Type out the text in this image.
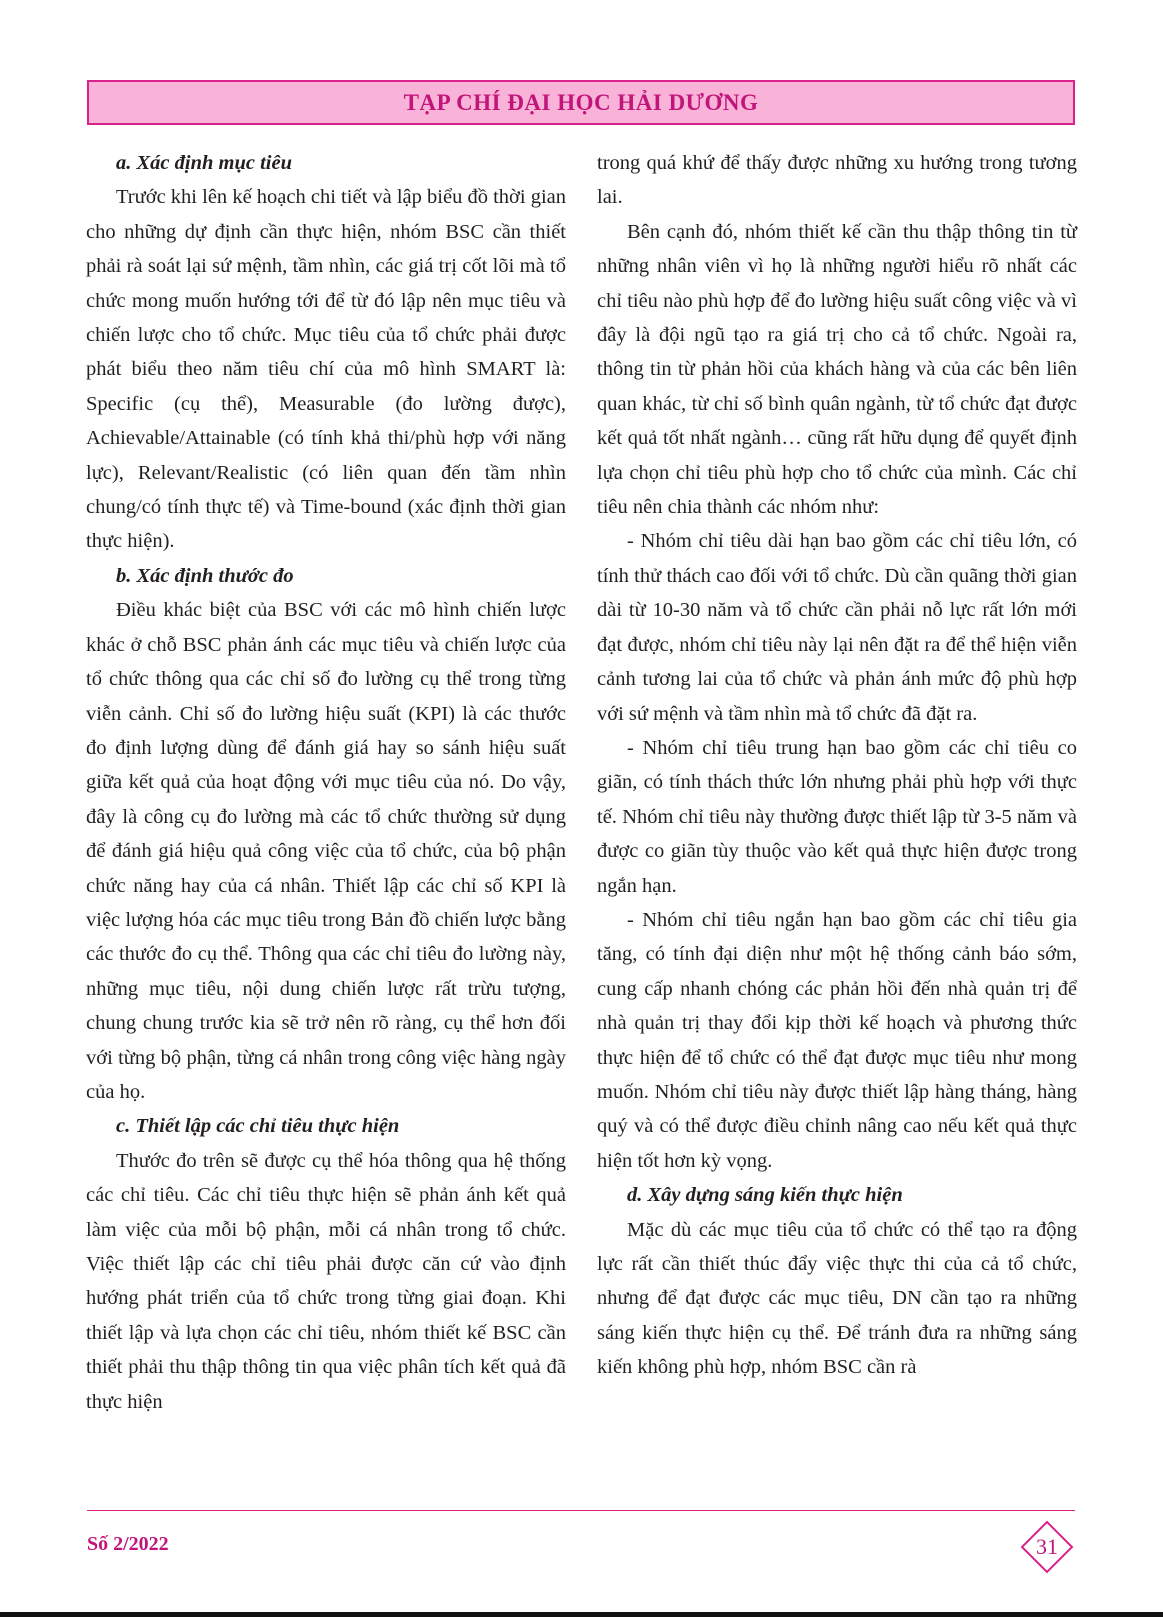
TẠP CHÍ ĐẠI HỌC HẢI DƯƠNG
a. Xác định mục tiêu

Trước khi lên kế hoạch chi tiết và lập biểu đồ thời gian cho những dự định cần thực hiện, nhóm BSC cần thiết phải rà soát lại sứ mệnh, tầm nhìn, các giá trị cốt lõi mà tổ chức mong muốn hướng tới để từ đó lập nên mục tiêu và chiến lược cho tổ chức. Mục tiêu của tổ chức phải được phát biểu theo năm tiêu chí của mô hình SMART là: Specific (cụ thể), Measurable (đo lường được), Achievable/Attainable (có tính khả thi/phù hợp với năng lực), Relevant/Realistic (có liên quan đến tầm nhìn chung/có tính thực tế) và Time-bound (xác định thời gian thực hiện).

b. Xác định thước đo

Điều khác biệt của BSC với các mô hình chiến lược khác ở chỗ BSC phản ánh các mục tiêu và chiến lược của tổ chức thông qua các chỉ số đo lường cụ thể trong từng viễn cảnh. Chỉ số đo lường hiệu suất (KPI) là các thước đo định lượng dùng để đánh giá hay so sánh hiệu suất giữa kết quả của hoạt động với mục tiêu của nó. Do vậy, đây là công cụ đo lường mà các tổ chức thường sử dụng để đánh giá hiệu quả công việc của tổ chức, của bộ phận chức năng hay của cá nhân. Thiết lập các chỉ số KPI là việc lượng hóa các mục tiêu trong Bản đồ chiến lược bằng các thước đo cụ thể. Thông qua các chỉ tiêu đo lường này, những mục tiêu, nội dung chiến lược rất trừu tượng, chung chung trước kia sẽ trở nên rõ ràng, cụ thể hơn đối với từng bộ phận, từng cá nhân trong công việc hàng ngày của họ.

c. Thiết lập các chỉ tiêu thực hiện

Thước đo trên sẽ được cụ thể hóa thông qua hệ thống các chỉ tiêu. Các chỉ tiêu thực hiện sẽ phản ánh kết quả làm việc của mỗi bộ phận, mỗi cá nhân trong tổ chức. Việc thiết lập các chỉ tiêu phải được căn cứ vào định hướng phát triển của tổ chức trong từng giai đoạn. Khi thiết lập và lựa chọn các chỉ tiêu, nhóm thiết kế BSC cần thiết phải thu thập thông tin qua việc phân tích kết quả đã thực hiện

trong quá khứ để thấy được những xu hướng trong tương lai.

Bên cạnh đó, nhóm thiết kế cần thu thập thông tin từ những nhân viên vì họ là những người hiểu rõ nhất các chỉ tiêu nào phù hợp để đo lường hiệu suất công việc và vì đây là đội ngũ tạo ra giá trị cho cả tổ chức. Ngoài ra, thông tin từ phản hồi của khách hàng và của các bên liên quan khác, từ chỉ số bình quân ngành, từ tổ chức đạt được kết quả tốt nhất ngành… cũng rất hữu dụng để quyết định lựa chọn chỉ tiêu phù hợp cho tổ chức của mình. Các chỉ tiêu nên chia thành các nhóm như:

- Nhóm chỉ tiêu dài hạn bao gồm các chỉ tiêu lớn, có tính thử thách cao đối với tổ chức. Dù cần quãng thời gian dài từ 10-30 năm và tổ chức cần phải nỗ lực rất lớn mới đạt được, nhóm chỉ tiêu này lại nên đặt ra để thể hiện viễn cảnh tương lai của tổ chức và phản ánh mức độ phù hợp với sứ mệnh và tầm nhìn mà tổ chức đã đặt ra.

- Nhóm chỉ tiêu trung hạn bao gồm các chỉ tiêu co giãn, có tính thách thức lớn nhưng phải phù hợp với thực tế. Nhóm chỉ tiêu này thường được thiết lập từ 3-5 năm và được co giãn tùy thuộc vào kết quả thực hiện được trong ngắn hạn.

- Nhóm chỉ tiêu ngắn hạn bao gồm các chỉ tiêu gia tăng, có tính đại diện như một hệ thống cảnh báo sớm, cung cấp nhanh chóng các phản hồi đến nhà quản trị để nhà quản trị thay đổi kịp thời kế hoạch và phương thức thực hiện để tổ chức có thể đạt được mục tiêu như mong muốn. Nhóm chỉ tiêu này được thiết lập hàng tháng, hàng quý và có thể được điều chỉnh nâng cao nếu kết quả thực hiện tốt hơn kỳ vọng.

d. Xây dựng sáng kiến thực hiện

Mặc dù các mục tiêu của tổ chức có thể tạo ra động lực rất cần thiết thúc đẩy việc thực thi của cả tổ chức, nhưng để đạt được các mục tiêu, DN cần tạo ra những sáng kiến thực hiện cụ thể. Để tránh đưa ra những sáng kiến không phù hợp, nhóm BSC cần rà

Số 2/2022	31
